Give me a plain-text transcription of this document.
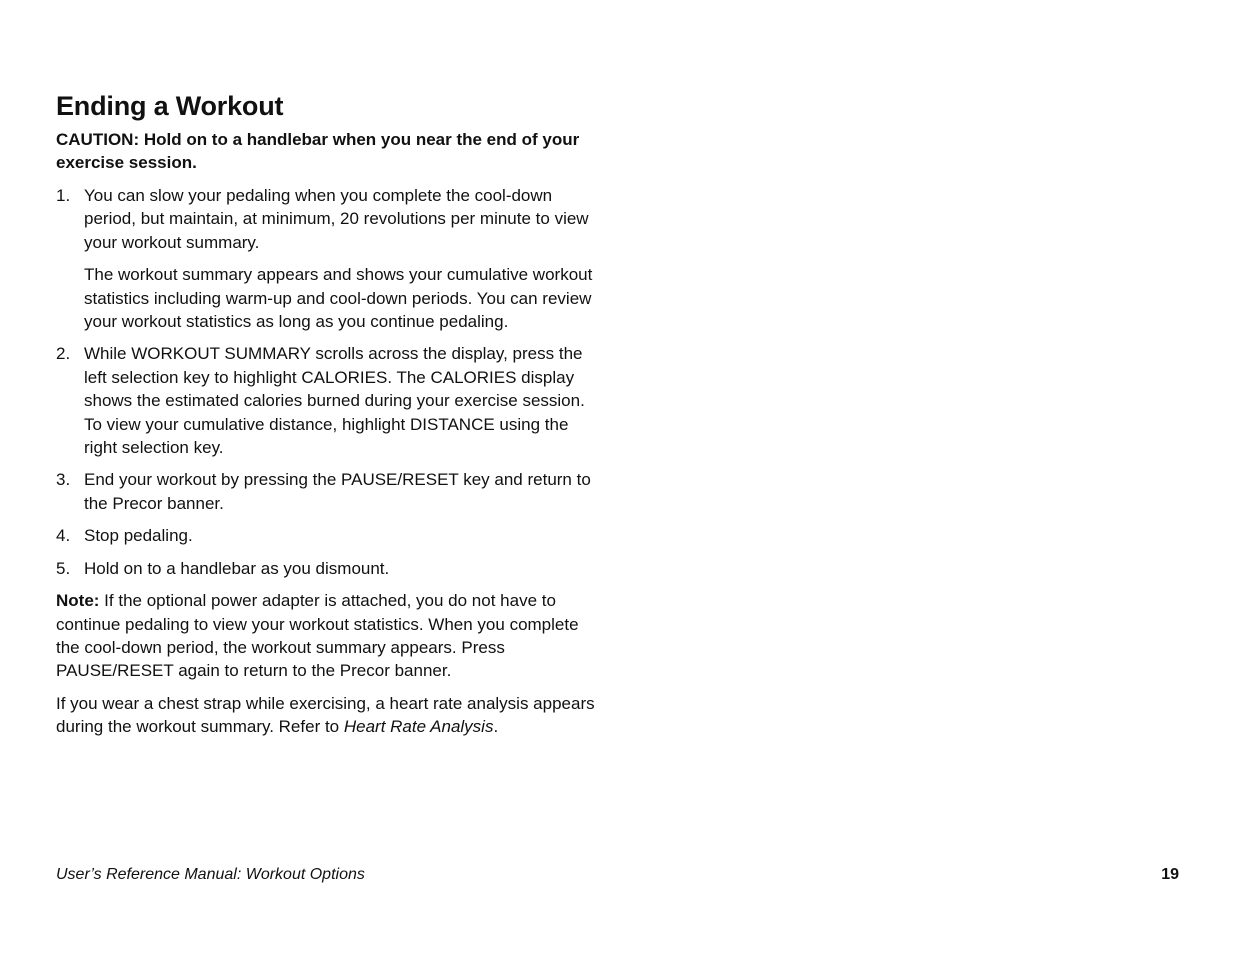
Ending a Workout

CAUTION: Hold on to a handlebar when you near the end of your exercise session.

1. You can slow your pedaling when you complete the cool-down period, but maintain, at minimum, 20 revolutions per minute to view your workout summary.

The workout summary appears and shows your cumulative workout statistics including warm-up and cool-down periods. You can review your workout statistics as long as you continue pedaling.

2. While WORKOUT SUMMARY scrolls across the display, press the left selection key to highlight CALORIES. The CALORIES display shows the estimated calories burned during your exercise session. To view your cumulative distance, highlight DISTANCE using the right selection key.

3. End your workout by pressing the PAUSE/RESET key and return to the Precor banner.

4. Stop pedaling.

5. Hold on to a handlebar as you dismount.

Note: If the optional power adapter is attached, you do not have to continue pedaling to view your workout statistics. When you complete the cool-down period, the workout summary appears. Press PAUSE/RESET again to return to the Precor banner.

If you wear a chest strap while exercising, a heart rate analysis appears during the workout summary. Refer to Heart Rate Analysis.

User’s Reference Manual: Workout Options	19
